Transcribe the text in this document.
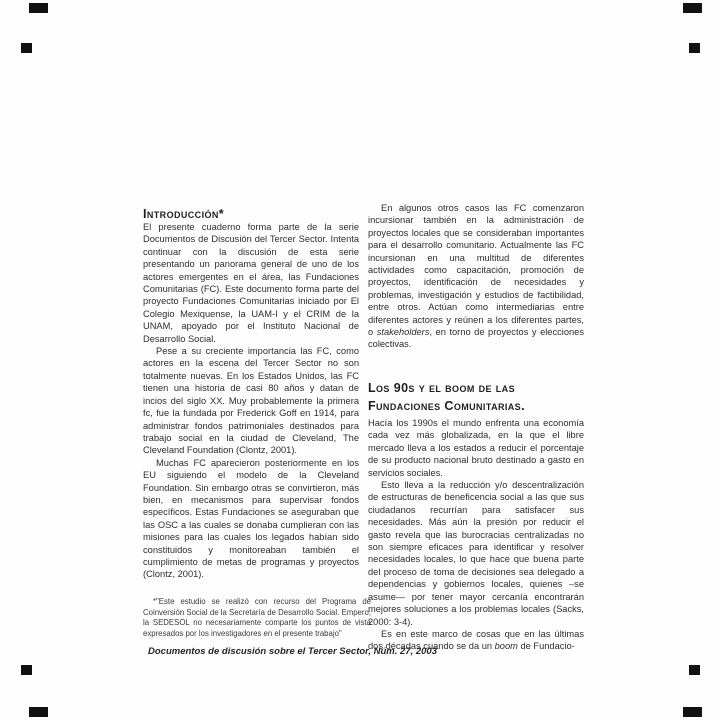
Introducción*

El presente cuaderno forma parte de la serie Documentos de Discusión del Tercer Sector. Intenta continuar con la discusión de esta serie presentando un panorama general de uno de los actores emergentes en el área, las Fundaciones Comunitarias (FC). Este documento forma parte del proyecto Fundaciones Comunitarias iniciado por El Colegio Mexiquense, la UAM-I y el CRIM de la UNAM, apoyado por el Instituto Nacional de Desarrollo Social.

Pese a su creciente importancia las FC, como actores en la escena del Tercer Sector no son totalmente nuevas. En los Estados Unidos, las FC tienen una historia de casi 80 años y datan de incios del siglo XX. Muy probablemente la primera fc, fue la fundada por Frederick Goff en 1914, para administrar fondos patrimoniales destinados para trabajo social en la ciudad de Cleveland, The Cleveland Foundation (Clontz, 2001).

Muchas FC aparecieron posteriormente en los EU siguiendo el modelo de la Cleveland Foundation. Sin embargo otras se convirtieron, más bien, en mecanismos para supervisar fondos específicos. Estas Fundaciones se aseguraban que las OSC a las cuales se donaba cumplieran con las misiones para las cuales los legados habían sido constituidos y monitoreaban también el cumplimiento de metas de programas y proyectos (Clontz, 2001).

*"Este estudio se realizó con recurso del Programa de Coinversión Social de la Secretaría de Desarrollo Social. Empero, la SEDESOL no necesariamente comparte los puntos de vista expresados por los investigadores en el presente trabajo"

En algunos otros casos las FC comenzaron incursionar también en la administración de proyectos locales que se consideraban importantes para el desarrollo comunitario. Actualmente las FC incursionan en una multitud de diferentes actividades como capacitación, promoción de proyectos, identificación de necesidades y problemas, investigación y estudios de factibilidad, entre otros. Actúan como intermediarias entre diferentes actores y reúnen a los diferentes partes, o stakeholders, en torno de proyectos y elecciones colectivas.

Los 90s y el boom de las
Fundaciones Comunitarias.

Hacía los 1990s el mundo enfrenta una economía cada vez más globalizada, en la que el libre mercado lleva a los estados a reducir el porcentaje de su producto nacional bruto destinado a gasto en servicios sociales.

Esto lleva a la reducción y/o descentralización de estructuras de beneficencia social a las que sus ciudadanos recurrían para satisfacer sus necesidades. Más aún la presión por reducir el gasto revela que las burocracias centralizadas no son siempre eficaces para identificar y resolver necesidades locales, lo que hace que buena parte del proceso de toma de decisiones sea delegado a dependencias y gobiernos locales, quienes –se asume— por tener mayor cercanía encontrarán mejores soluciones a los problemas locales (Sacks, 2000: 3-4).

Es en este marco de cosas que en las últimas dos décadas cuando se da un boom de Fundacio-

Documentos de discusión sobre el Tercer Sector, Núm. 27, 2003
